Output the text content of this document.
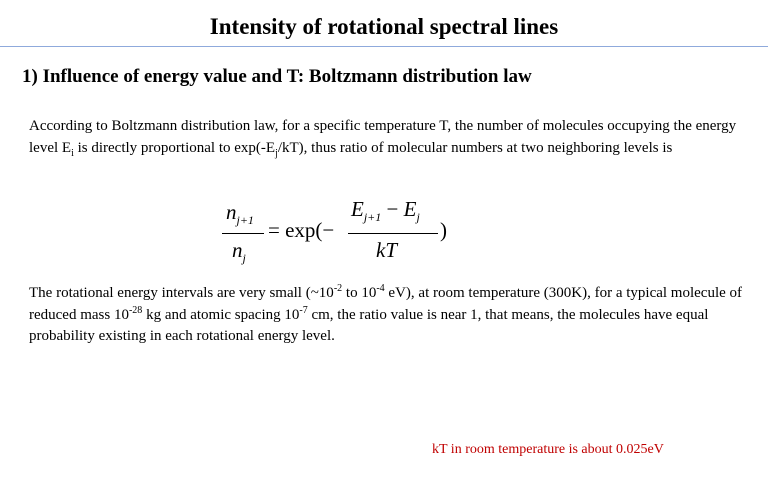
Intensity of rotational spectral lines
1) Influence of energy value and T: Boltzmann distribution law
According to Boltzmann distribution law, for a specific temperature T, the number of molecules occupying the energy level $E_i$ is directly proportional to $\exp(-E_j/kT)$, thus ratio of molecular numbers at two neighboring levels is
$n_{j+1}$
$n_j$
= exp(−
$E_{j+1} - E_j$
kT
)
The rotational energy intervals are very small ($\sim 10^{-2}$ to $10^{-4}$ eV), at room temperature (300K), for a typical molecule of reduced mass $10^{-28}$ kg and atomic spacing $10^{-7}$ cm, the ratio value is near 1, that means, the molecules have equal probability existing in each rotational energy level.
kT in room temperature is about 0.025eV
